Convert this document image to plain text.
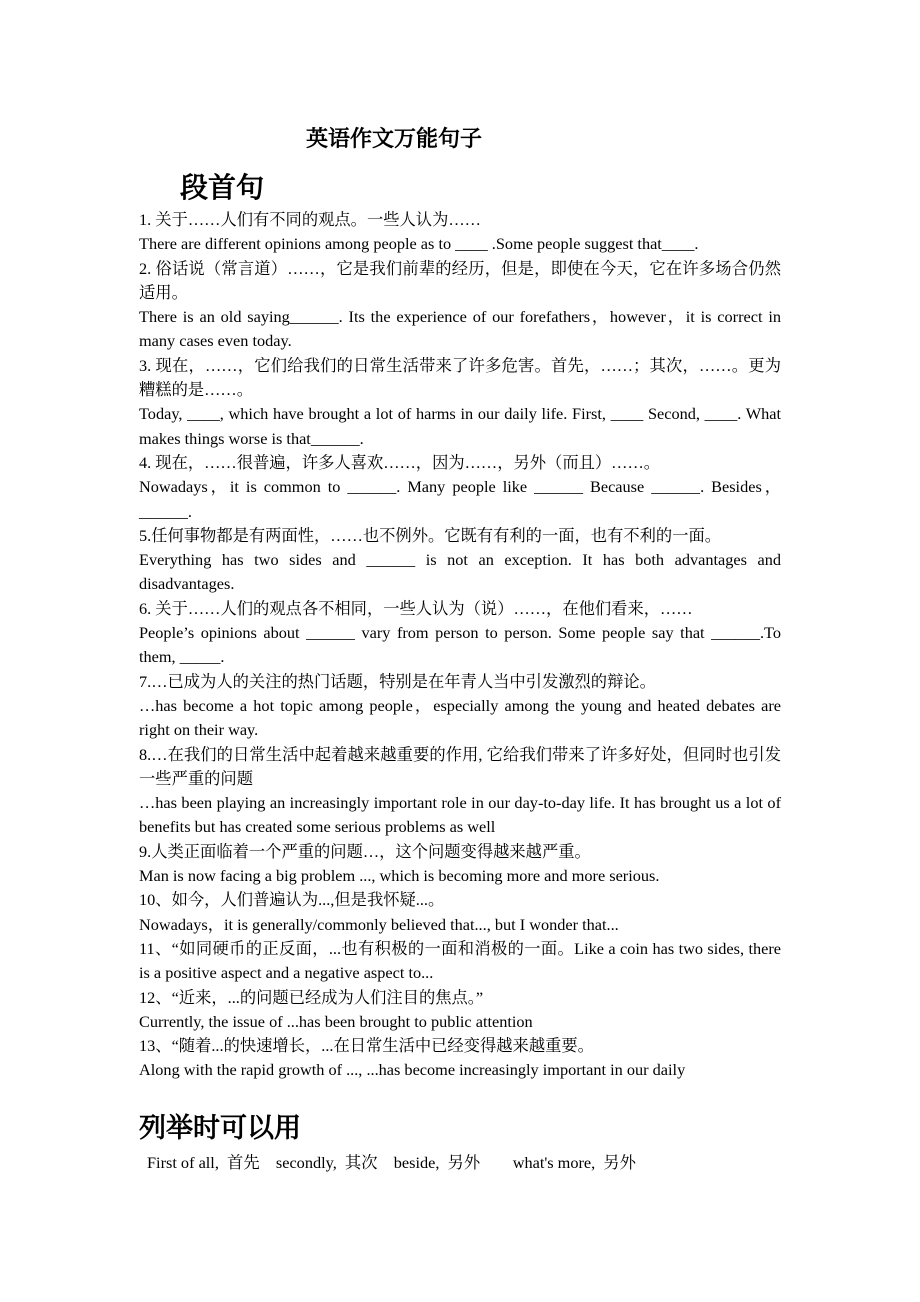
英语作文万能句子
段首句

1. 关于……人们有不同的观点。一些人认为……

There are different opinions among people as to ____ .Some people suggest that____.

2. 俗话说（常言道）……，它是我们前辈的经历，但是，即使在今天，它在许多场合仍然适用。

There is an old saying______. Its the experience of our forefathers，however，it is correct in many cases even today.

3. 现在，……，它们给我们的日常生活带来了许多危害。首先，……；其次，……。更为糟糕的是……。

Today, ____, which have brought a lot of harms in our daily life. First, ____ Second, ____. What makes things worse is that______.

4. 现在，……很普遍，许多人喜欢……，因为……，另外（而且）……。

Nowadays，it is common to ______. Many people like ______ Because ______. Besides，______.

5.任何事物都是有两面性，……也不例外。它既有有利的一面，也有不利的一面。

Everything has two sides and ______ is not an exception. It has both advantages and disadvantages.

6. 关于……人们的观点各不相同，一些人认为（说）……，在他们看来，……

People’s opinions about ______ vary from person to person. Some people say that ______.To them, _____.

7.…已成为人的关注的热门话题，特别是在年青人当中引发激烈的辩论。

…has become a hot topic among people，especially among the young and heated debates are right on their way.

8.…在我们的日常生活中起着越来越重要的作用, 它给我们带来了许多好处，但同时也引发一些严重的问题

…has been playing an increasingly important role in our day-to-day life. It has brought us a lot of benefits but has created some serious problems as well

9.人类正面临着一个严重的问题…，这个问题变得越来越严重。

Man is now facing a big problem ..., which is becoming more and more serious.

10、如今，人们普遍认为...,但是我怀疑...。

Nowadays，it is generally/commonly believed that..., but I wonder that...

11、“如同硬币的正反面，...也有积极的一面和消极的一面。Like a coin has two sides, there is a positive aspect and a negative aspect to...

12、“近来，...的问题已经成为人们注目的焦点。”

Currently, the issue of ...has been brought to public attention

13、“随着...的快速增长，...在日常生活中已经变得越来越重要。

Along with the rapid growth of ..., ...has become increasingly important in our daily

列举时可以用
First of all,  首先    secondly,  其次    beside,  另外        what's more,  另外
